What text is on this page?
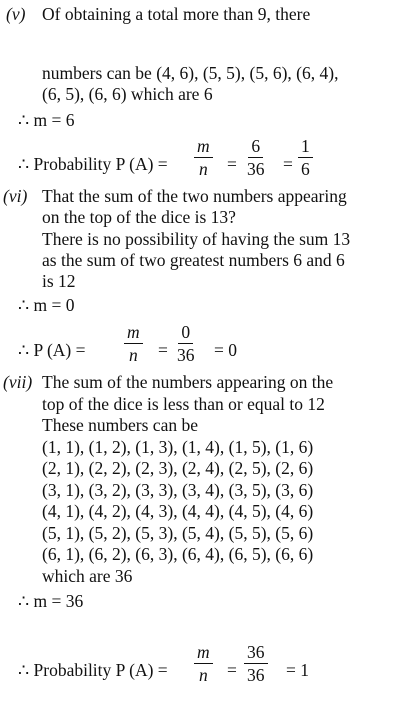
(v) Of obtaining a total more than 9, there
numbers can be (4, 6), (5, 5), (5, 6), (6, 4),
(6, 5), (6, 6) which are 6
∴ m = 6
∴ Probability P $(A) = \frac{m}{n} = \frac{6}{36} = \frac{1}{6}$
(vi) That the sum of the two numbers appearing
on the top of the dice is 13?
There is no possibility of having the sum 13
as the sum of two greatest numbers 6 and 6
is 12
∴ m = 0
∴ P $(A) = \frac{m}{n} = \frac{0}{36} = 0$
(vii) The sum of the numbers appearing on the
top of the dice is less than or equal to 12
These numbers can be
(1, 1), (1, 2), (1, 3), (1, 4), (1, 5), (1, 6)
(2, 1), (2, 2), (2, 3), (2, 4), (2, 5), (2, 6)
(3, 1), (3, 2), (3, 3), (3, 4), (3, 5), (3, 6)
(4, 1), (4, 2), (4, 3), (4, 4), (4, 5), (4, 6)
(5, 1), (5, 2), (5, 3), (5, 4), (5, 5), (5, 6)
(6, 1), (6, 2), (6, 3), (6, 4), (6, 5), (6, 6)
which are 36
∴ m = 36
∴ Probability P $(A) = \frac{m}{n} = \frac{36}{36} = 1$
